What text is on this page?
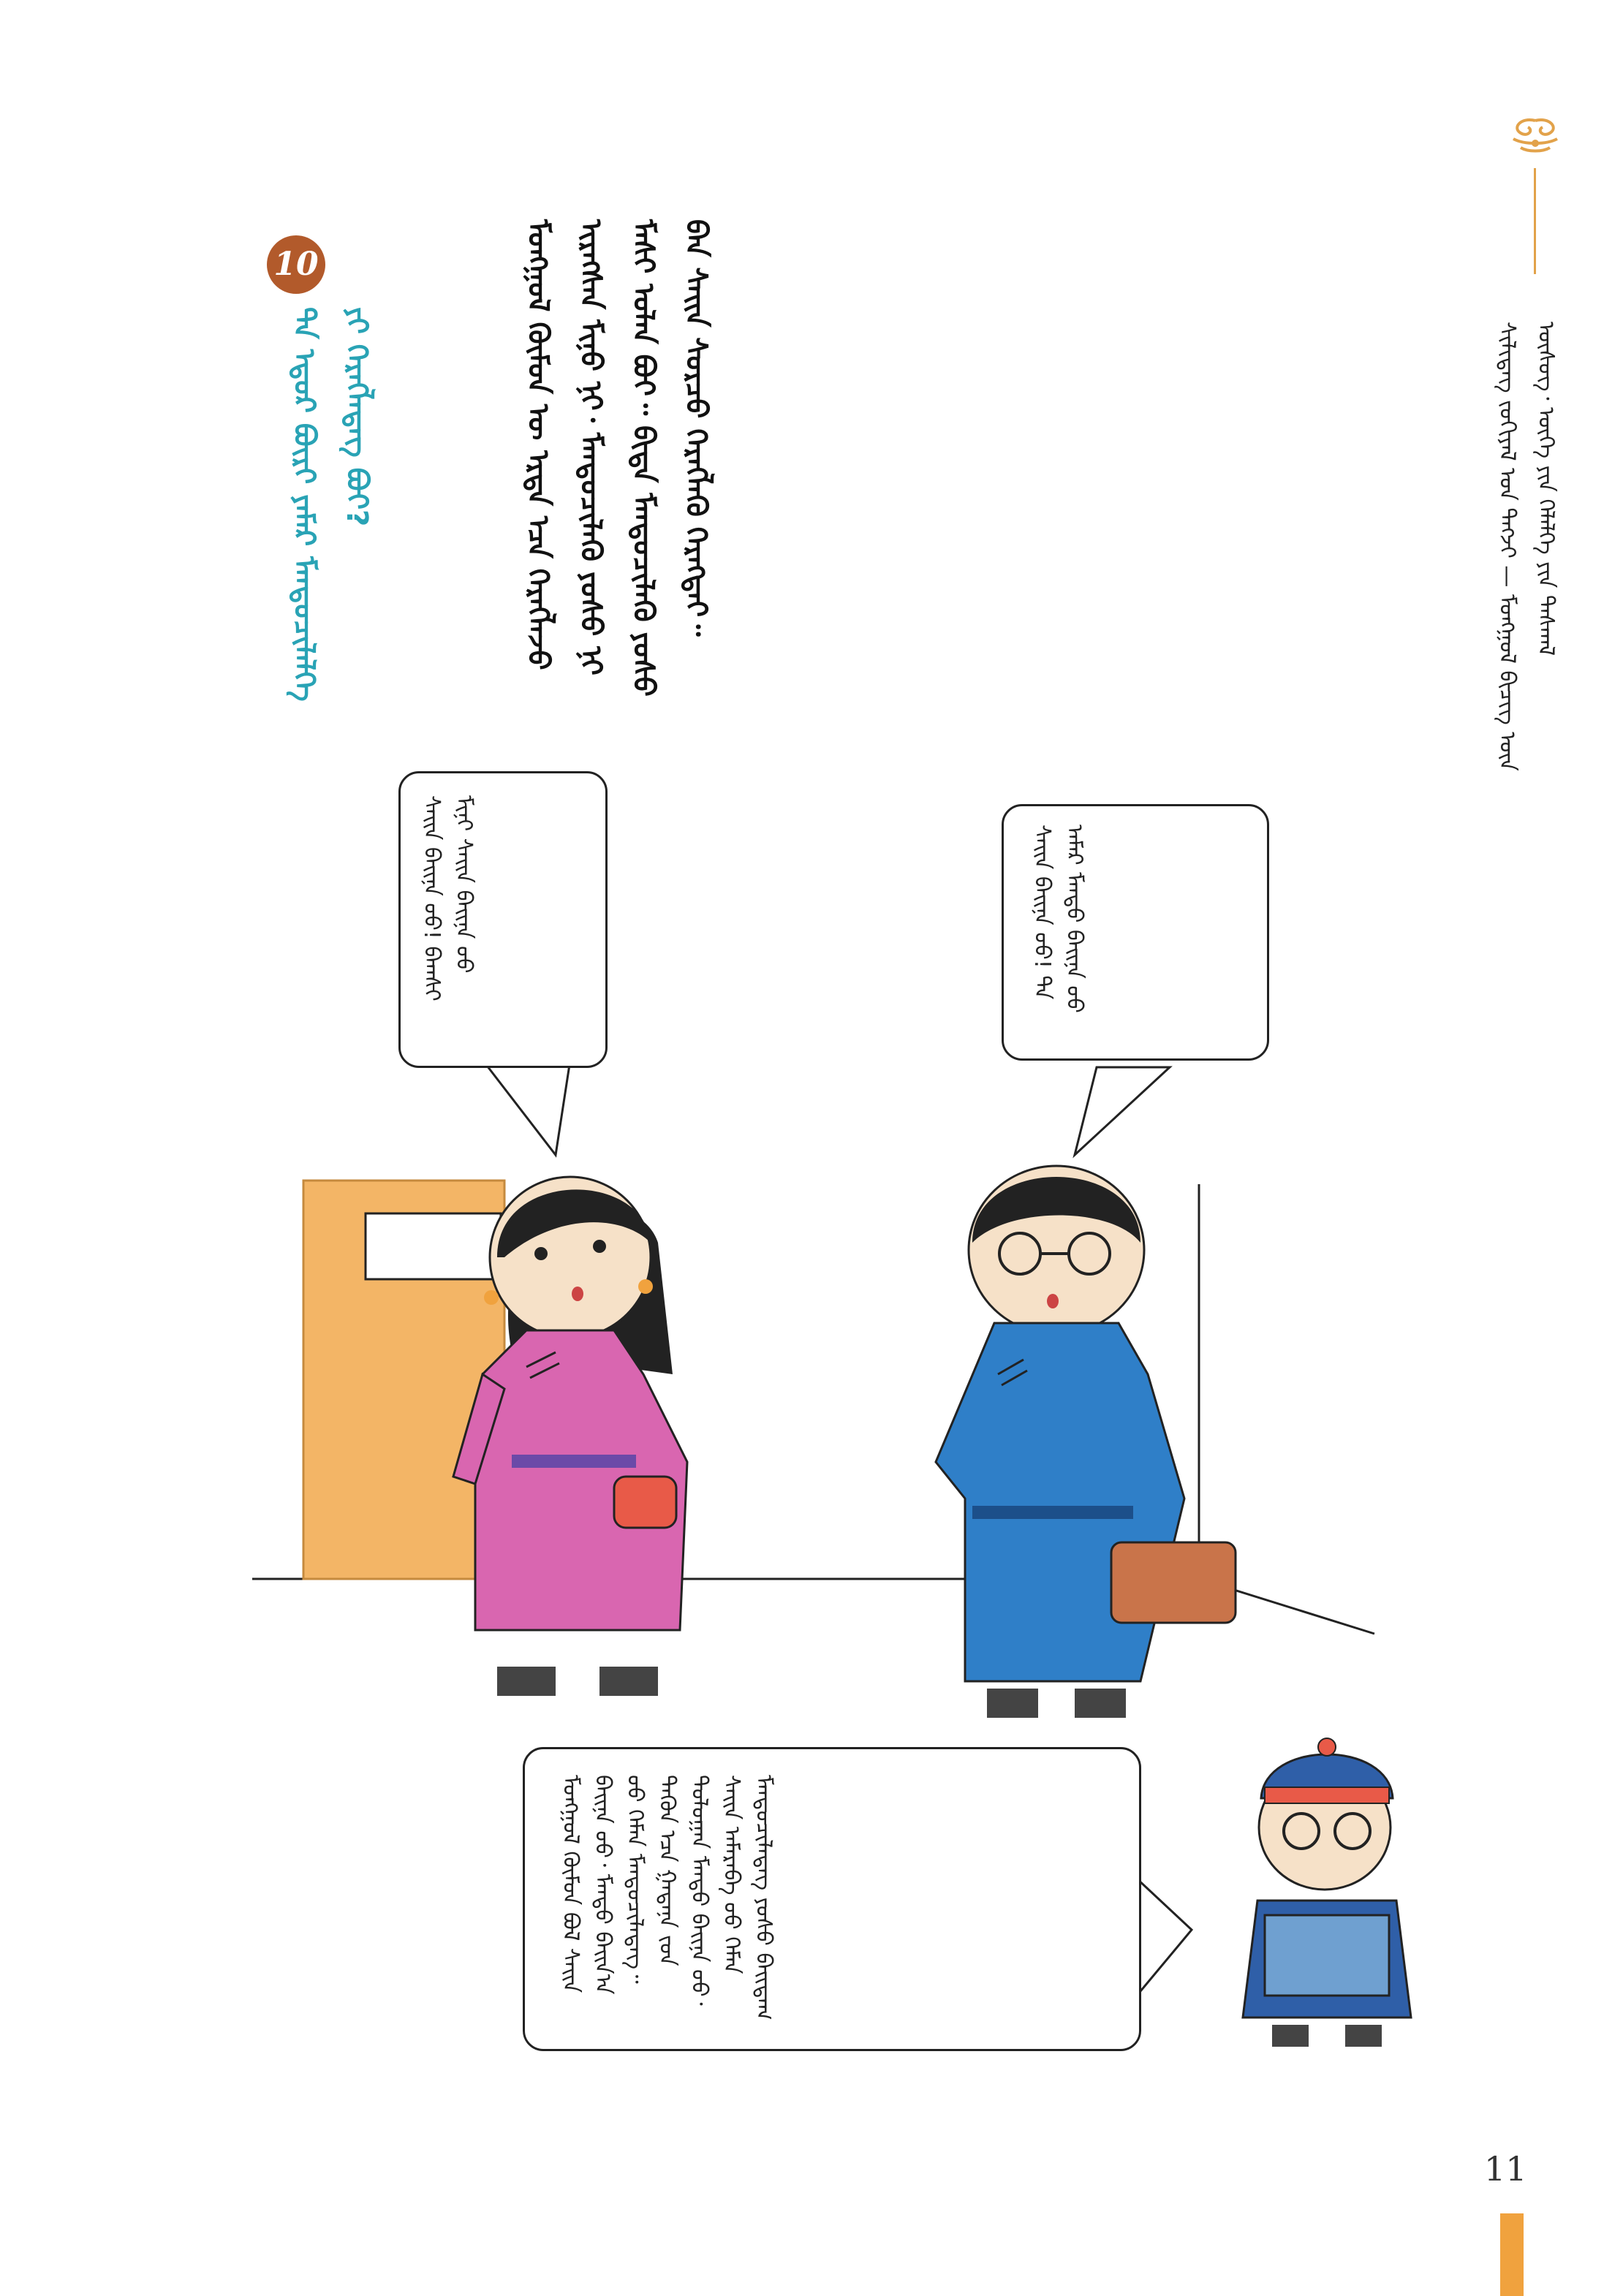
ᠰᠢᠯᠢᠳᠡᠭ ᠵᠤᠬᠢᠶᠠᠯ ᠤᠨ ᠳᠡᠭᠵᠢ — ᠮᠣᠩᠭᠣᠯ ᠪᠢᠴᠢᠭ ᠦᠨ ᠦᠰᠦᠭ᠂ ᠦᠭᠡ ᠶᠢᠨ ᠬᠡᠯᠡᠯᠭᠡ ᠶᠢᠨ ᠳᠠᠰᠭᠠᠯ
ᠮᠣᠩᠭᠣᠯ ᠬᠦᠮᠦᠨ ᠦ ᠡᠷᠲᠡ ᠡᠴᠡ ᠬᠡᠷᠡᠭᠯᠡᠵᠦ ᠢᠷᠡᠭᠰᠡᠨ ᠮᠢᠨᠤ ᠨᠢ᠂ ᠮᠡᠨᠳᠦᠴᠢᠯᠡᠬᠦ ᠶᠣᠰᠣ ᠨᠢ ᠮᠠᠰᠢ ᠣᠯᠠᠨ ᠪᠣᠢ᠃ ᠪᠢᠳᠡ ᠮᠡᠨᠳᠦᠴᠢᠯᠡᠬᠦ ᠶᠣᠰᠣ ᠪᠠᠨ ᠰᠠᠢᠨ ᠰᠤᠷᠴᠤ ᠬᠡᠷᠡᠭᠯᠡᠬᠦ ᠬᠡᠷᠡᠭᠲᠡᠢ᠃
10
ᠲᠠ ᠡᠳᠦᠷ ᠪᠦᠷᠢ ᠶᠠᠮᠠᠷ ᠮᠡᠨᠳᠦᠴᠢᠯᠡᠯᠭᠡ ᠶᠢ ᠬᠡᠷᠡᠭᠯᠡᠳᠡᠭ ᠪᠣᠢ?
ᠰᠠᠢᠨ ᠪᠠᠢᠨᠠ ᠤᠤ! ᠪᠠᠭᠰᠢ ᠮᠢᠨᠢ ᠰᠠᠢᠨ ᠪᠠᠢᠨᠠ ᠤᠤ	ᠰᠠᠢᠨ ᠪᠠᠢᠨᠠ ᠤᠤ! ᠲᠠ ᠠᠮᠠᠷ ᠮᠡᠨᠳᠦ ᠪᠠᠢᠨᠠ ᠤᠤ
ᠮᠣᠩᠭᠣᠯ ᠬᠦᠮᠦᠨ ᠪᠣᠯ ᠰᠠᠢᠨ ᠪᠠᠢᠨᠠ ᠤᠤ᠂ ᠮᠡᠨᠳᠦ ᠪᠠᠢᠨ᠎ᠠ ᠤᠤ ᠬᠡᠮᠡᠨ ᠮᠡᠨᠳᠦᠴᠢᠯᠡᠳᠡᠭ᠃ ᠲᠡᠭᠦᠨ ᠡᠴᠡ ᠭᠠᠳᠠᠨᠠ ᠵᠤᠨ ᠳᠣᠯᠤᠭᠠᠨ ᠮᠡᠨᠳᠦ ᠪᠠᠢᠨᠠ ᠤᠤ᠂ ᠰᠠᠢᠨ ᠠᠮᠠᠷᠠᠪᠠ ᠤᠤ ᠬᠡᠮᠡᠨ ᠮᠡᠨᠳᠦᠴᠢᠯᠡᠳᠡᠭ ᠶᠣᠰᠣ ᠪᠠᠢᠳᠠᠭ
11
